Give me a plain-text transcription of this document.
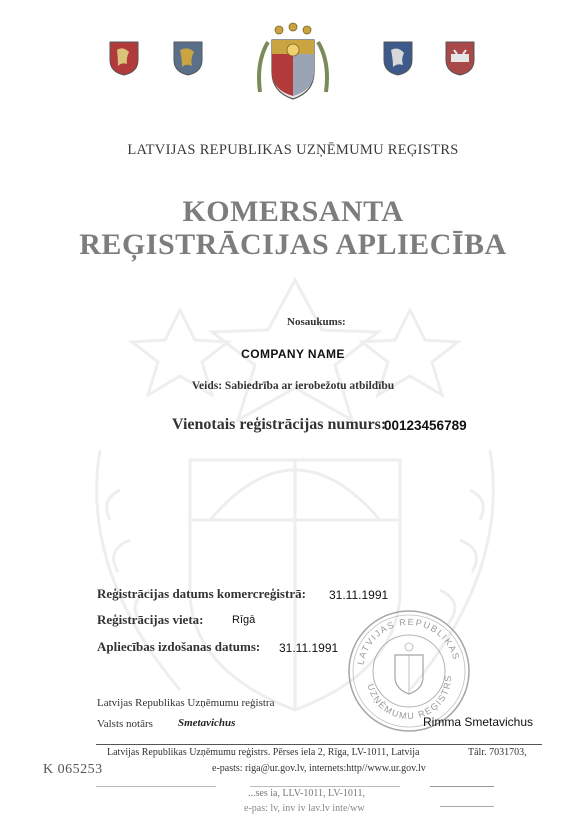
LATVIJAS REPUBLIKAS UZŅĒMUMU REĢISTRS
KOMERSANTA
REĢISTRĀCIJAS APLIECĪBA
Nosaukums:
COMPANY NAME
Veids: Sabiedrība ar ierobežotu atbildību
Vienotais reģistrācijas numurs:
00123456789
Reģistrācijas datums komercreģistrā: 31.11.1991
Reģistrācijas vieta:	Rīgā
Apliecības izdošanas datums: 31.11.1991
LATVIJAS REPUBLIKAS
UZŅĒMUMU REĢISTRS
Latvijas Republikas Uzņēmumu reģistra
Valsts notārs Smetavichus	Rimma Smetavichus
Latvijas Republikas Uzņēmumu reģistrs. Pērses iela 2, Rīga, LV-1011, Latvija	Tālr. 7031703,
e-pasts: riga@ur.gov.lv, internets:http//www.ur.gov.lv
K 065253
...ses ia, LLV-1011, LV-1011,
e-pas: lv, inv iv lav.lv inte/ww
